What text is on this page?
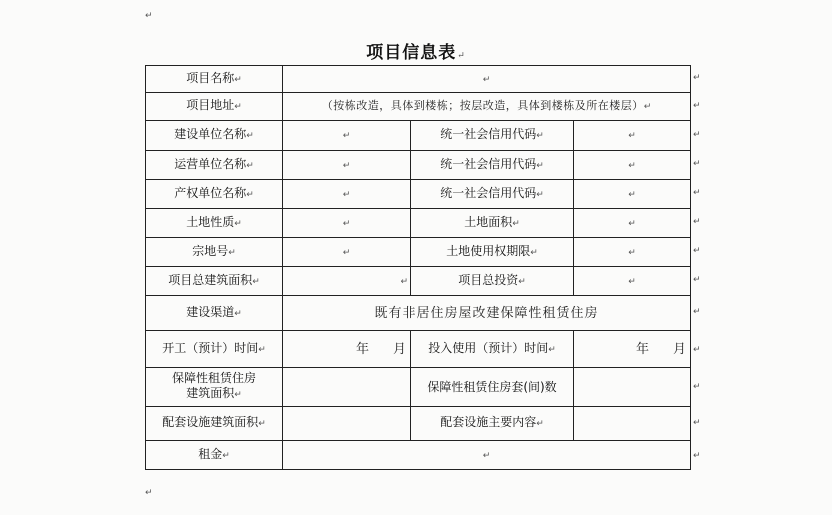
↵
项目信息表↵
项目名称↵	↵		
项目地址↵	（按栋改造，具体到楼栋；按层改造，具体到楼栋及所在楼层）↵		
建设单位名称↵	↵	统一社会信用代码↵	↵
运营单位名称↵	↵	统一社会信用代码↵	↵
产权单位名称↵	↵	统一社会信用代码↵	↵
土地性质↵	↵	土地面积↵	↵
宗地号↵	↵	土地使用权期限↵	↵
项目总建筑面积↵	↵	项目总投资↵	↵
建设渠道↵	既有非居住房屋改建保障性租赁住房		
开工（预计）时间↵	年 月	投入使用（预计）时间↵	年 月
保障性租赁住房
建筑面积↵		保障性租赁住房套(间)数	
配套设施建筑面积↵		配套设施主要内容↵	
租金↵	↵		
↵
↵
↵
↵
↵
↵
↵
↵
↵
↵
↵
↵
↵
↵
